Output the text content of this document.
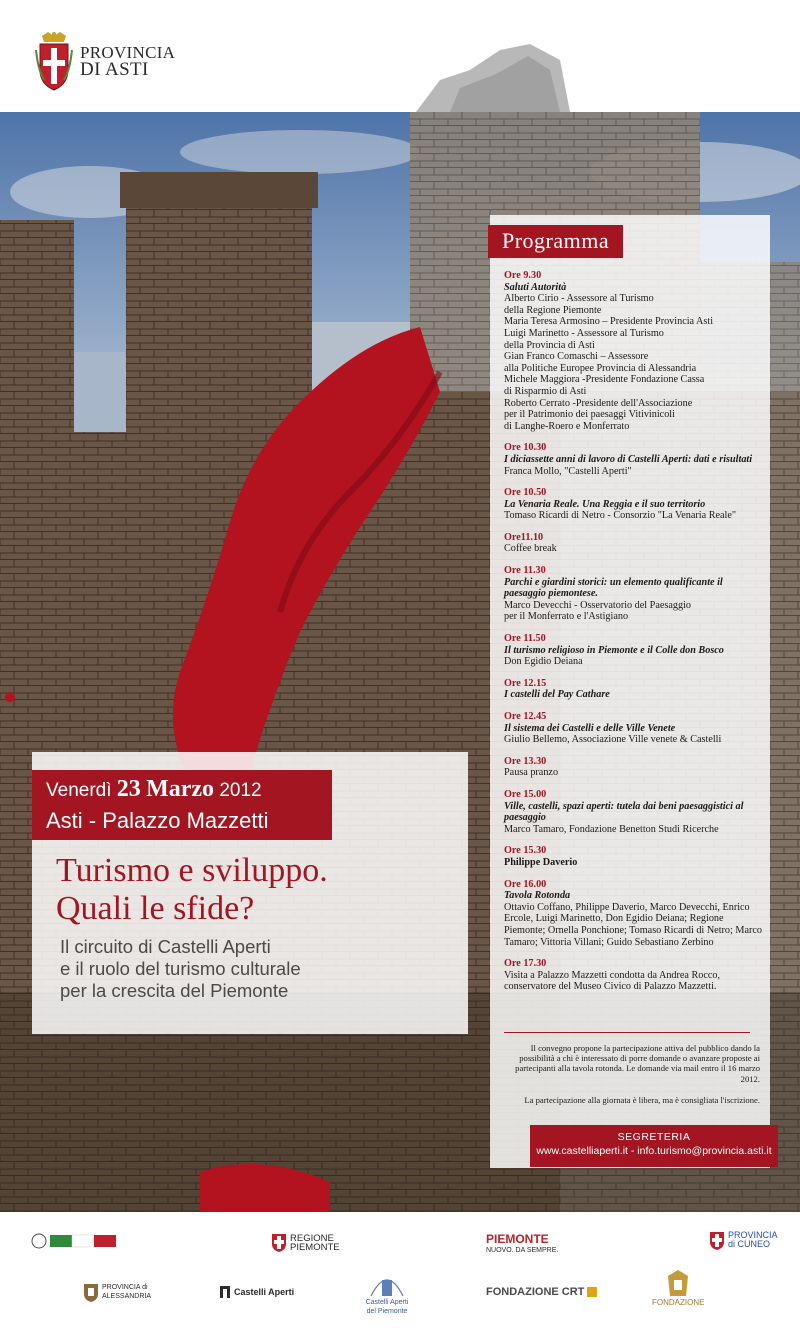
PROVINCIA
DI ASTI
Programma
Ore 9.30
Saluti Autorità
Alberto Cirio - Assessore al Turismo
della Regione Piemonte
Maria Teresa Armosino – Presidente Provincia Asti
Luigi Marinetto - Assessore al Turismo
della Provincia di Asti
Gian Franco Comaschi – Assessore
alla Politiche Europee Provincia di Alessandria
Michele Maggiora -Presidente Fondazione Cassa
di Risparmio di Asti
Roberto Cerrato -Presidente dell'Associazione
per il Patrimonio dei paesaggi Vitivinicoli
di Langhe-Roero e Monferrato
Ore 10.30
I diciassette anni di lavoro di Castelli Aperti: dati e risultati
Franca Mollo, "Castelli Aperti"
Ore 10.50
La Venaria Reale. Una Reggia e il suo territorio
Tomaso Ricardi di Netro - Consorzio "La Venaria Reale"
Ore11.10
Coffee break
Ore 11.30
Parchi e giardini storici: un elemento qualificante il paesaggio piemontese.
Marco Devecchi - Osservatorio del Paesaggio
per il Monferrato e l'Astigiano
Ore 11.50
Il turismo religioso in Piemonte e il Colle don Bosco
Don Egidio Deiana
Ore 12.15
I castelli del Pay Cathare
Ore 12.45
Il sistema dei Castelli e delle Ville Venete
Giulio Bellemo, Associazione Ville venete & Castelli
Ore 13.30
Pausa pranzo
Ore 15.00
Ville, castelli, spazi aperti: tutela dai beni paesaggistici al paesaggio
Marco Tamaro, Fondazione Benetton Studi Ricerche
Ore 15.30
Philippe Daverio
Ore 16.00
Tavola Rotonda
Ottavio Coffano, Philippe Daverio, Marco Devecchi, Enrico Ercole, Luigi Marinetto, Don Egidio Deiana; Regione Piemonte; Ornella Ponchione; Tomaso Ricardi di Netro; Marco Tamaro; Vittoria Villani; Guido Sebastiano Zerbino
Ore 17.30
Visita a Palazzo Mazzetti condotta da Andrea Rocco, conservatore del Museo Civico di Palazzo Mazzetti.

Il convegno propone la partecipazione attiva del pubblico dando la possibilità a chi è interessato di porre domande o avanzare proposte ai partecipanti alla tavola rotonda. Le domande via mail entro il 16 marzo 2012.

La partecipazione alla giornata è libera, ma è consigliata l'iscrizione.

SEGRETERIA
www.castelliaperti.it - info.turismo@provincia.asti.it
Venerdì 23 Marzo 2012
Asti - Palazzo Mazzetti
Turismo e sviluppo.
Quali le sfide?
Il circuito di Castelli Aperti
e il ruolo del turismo culturale
per la crescita del Piemonte
REGIONE PIEMONTE
PIEMONTE
NUOVO. DA SEMPRE.
PROVINCIA di CUNEO
PROVINCIA di ALESSANDRIA	Castelli Aperti
Castelli Aperti del Piemonte
FONDAZIONE CRT
FONDAZIONE
